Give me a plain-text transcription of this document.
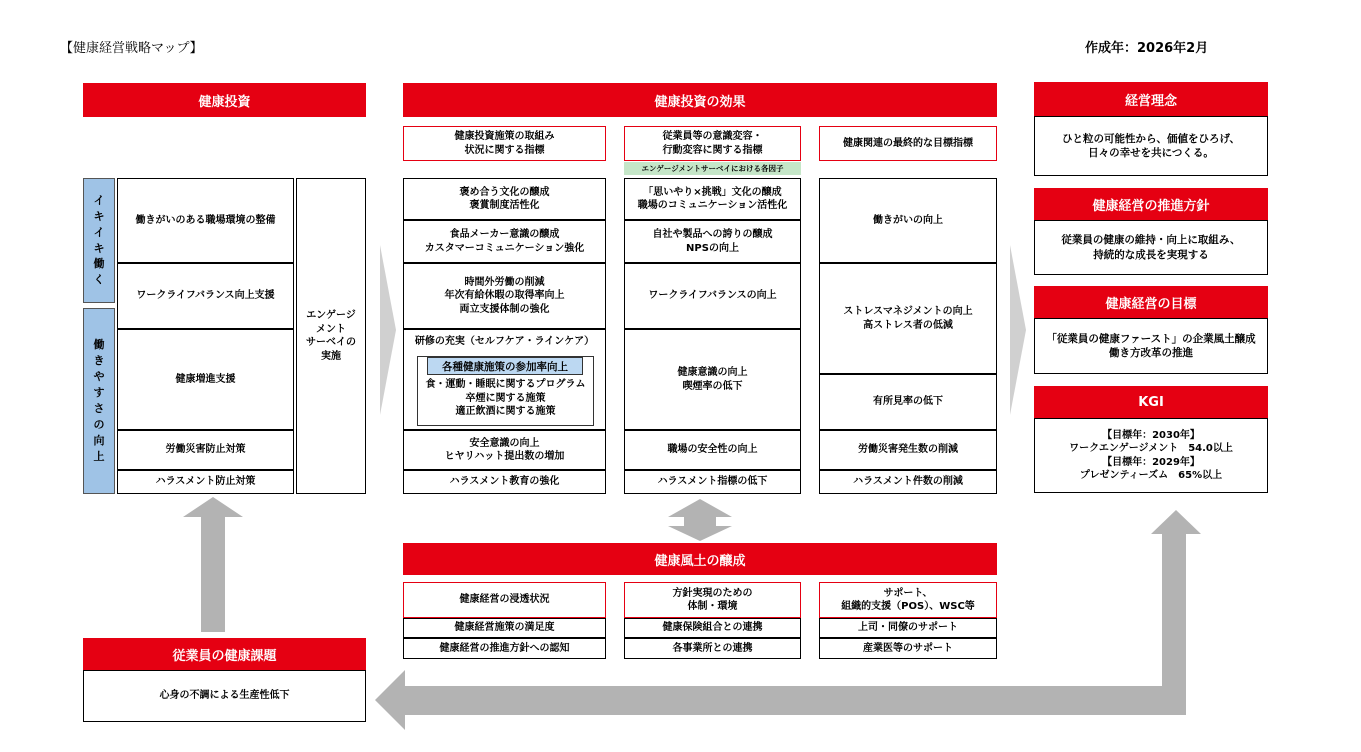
【健康経営戦略マップ】	作成年：2026年2月
健康投資
イ
キ
イ
キ
働
く
働
き
や
す
さ
の
向
上
働きがいのある職場環境の整備
ワークライフバランス向上支援
健康増進支援
労働災害防止対策
ハラスメント防止対策
エンゲージ
メント
サーベイの
実施
健康投資の効果
健康投資施策の取組み
状況に関する指標
従業員等の意識変容・
行動変容に関する指標
エンゲージメントサーベイにおける各因子
健康関連の最終的な目標指標
褒め合う文化の醸成
褒賞制度活性化
食品メーカー意識の醸成
カスタマーコミュニケーション強化
時間外労働の削減
年次有給休暇の取得率向上
両立支援体制の強化
研修の充実（セルフケア・ラインケア）
各種健康施策の参加率向上
食・運動・睡眠に関するプログラム
卒煙に関する施策
適正飲酒に関する施策
安全意識の向上
ヒヤリハット提出数の増加
ハラスメント教育の強化
「思いやり×挑戦」文化の醸成
職場のコミュニケーション活性化
自社や製品への誇りの醸成
NPSの向上
ワークライフバランスの向上
健康意識の向上
喫煙率の低下
職場の安全性の向上
ハラスメント指標の低下
働きがいの向上
ストレスマネジメントの向上
高ストレス者の低減
有所見率の低下
労働災害発生数の削減
ハラスメント件数の削減
健康風土の醸成
健康経営の浸透状況
健康経営施策の満足度
健康経営の推進方針への認知
方針実現のための
体制・環境
健康保険組合との連携
各事業所との連携
サポート、
組織的支援（POS）、WSC等
上司・同僚のサポート
産業医等のサポート
経営理念
ひと粒の可能性から、価値をひろげ、
日々の幸せを共につくる。
健康経営の推進方針
従業員の健康の維持・向上に取組み、
持続的な成長を実現する
健康経営の目標
「従業員の健康ファースト」の企業風土醸成
働き方改革の推進
KGI
【目標年：2030年】
ワークエンゲージメント　54.0以上
【目標年：2029年】
プレゼンティーズム　65%以上
従業員の健康課題
心身の不調による生産性低下
